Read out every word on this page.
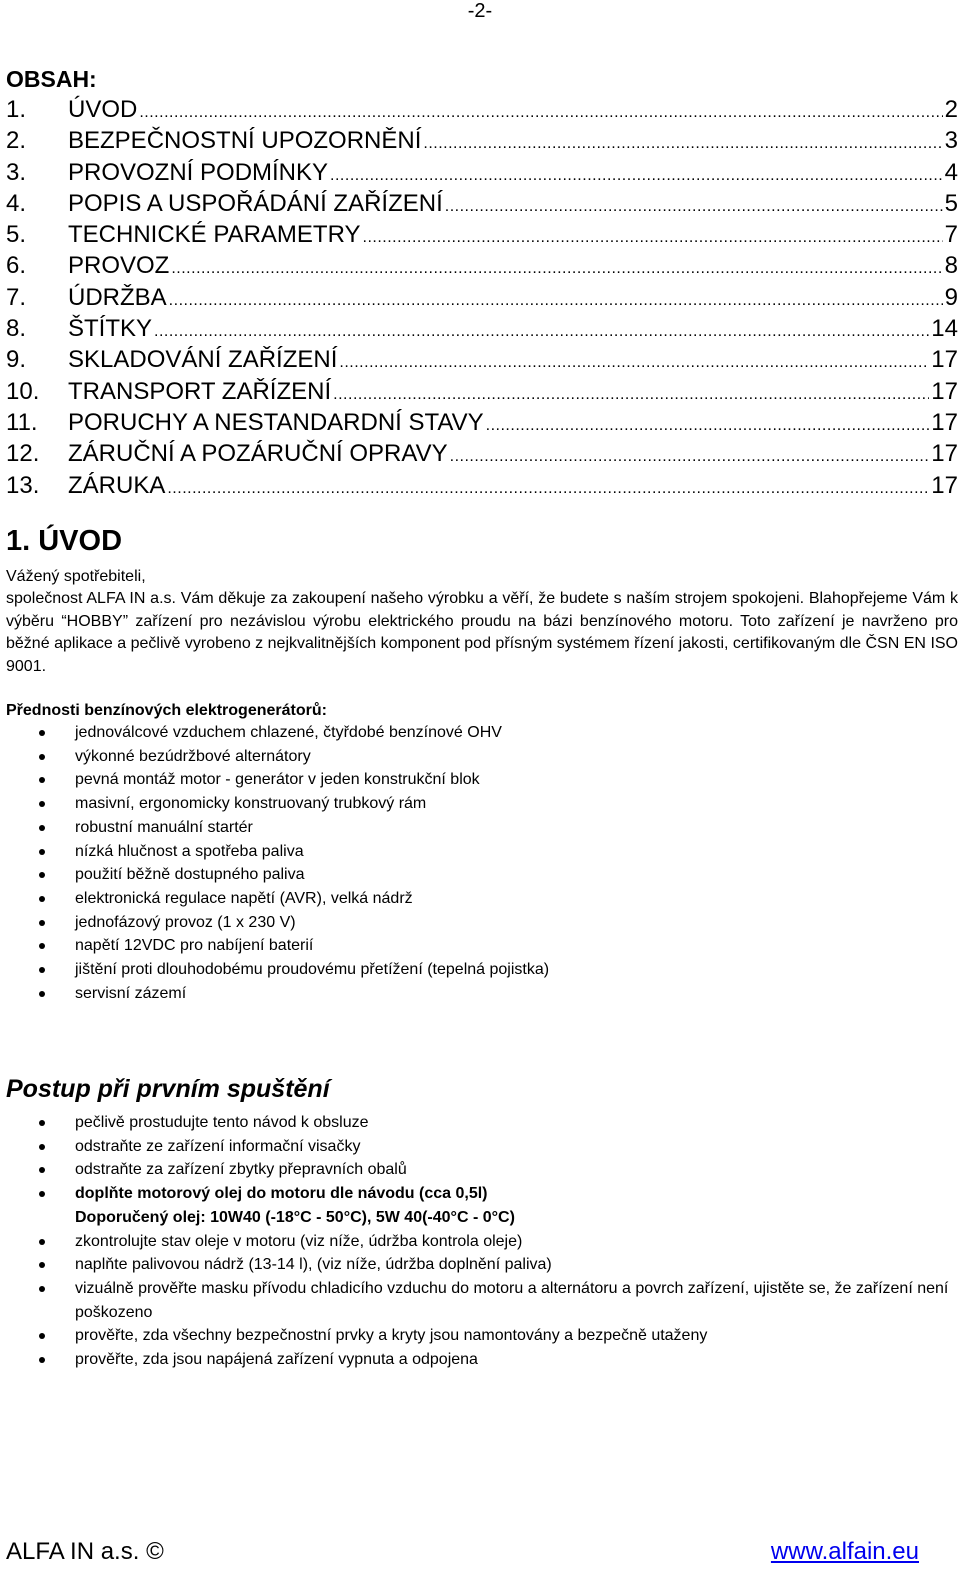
-2-
OBSAH:
1.	ÚVOD .....	2
2.	BEZPEČNOSTNÍ UPOZORNĚNÍ .....	3
3.	PROVOZNÍ PODMÍNKY .....	4
4.	POPIS A USPOŘÁDÁNÍ ZAŘÍZENÍ .....	5
5.	TECHNICKÉ PARAMETRY .....	7
6.	PROVOZ .....	8
7.	ÚDRŽBA .....	9
8.	ŠTÍTKY .....	14
9.	SKLADOVÁNÍ ZAŘÍZENÍ .....	17
10.	TRANSPORT ZAŘÍZENÍ .....	17
11.	PORUCHY A NESTANDARDNÍ STAVY .....	17
12.	ZÁRUČNÍ A POZÁRUČNÍ OPRAVY .....	17
13.	ZÁRUKA .....	17
1. ÚVOD
Vážený spotřebiteli,

společnost ALFA IN a.s. Vám děkuje za zakoupení našeho výrobku a věří, že budete s naším strojem spokojeni. Blahopřejeme Vám k výběru “HOBBY” zařízení pro nezávislou výrobu elektrického proudu na bázi benzínového motoru. Toto zařízení je navrženo pro běžné aplikace a pečlivě vyrobeno z nejkvalitnějších komponent pod přísným systémem řízení jakosti, certifikovaným dle ČSN EN ISO 9001.

Přednosti benzínových elektrogenerátorů:
jednoválcové vzduchem chlazené, čtyřdobé benzínové OHV
výkonné bezúdržbové alternátory
pevná montáž motor - generátor v jeden konstrukční blok
masivní, ergonomicky konstruovaný trubkový rám
robustní manuální startér
nízká hlučnost a spotřeba paliva
použití běžně dostupného paliva
elektronická regulace napětí (AVR), velká nádrž
jednofázový provoz (1 x 230 V)
napětí 12VDC pro nabíjení baterií
jištění proti dlouhodobému proudovému přetížení (tepelná pojistka)
servisní zázemí
Postup při prvním spuštění
pečlivě prostudujte tento návod k obsluze
odstraňte ze zařízení informační visačky
odstraňte za zařízení zbytky přepravních obalů
doplňte motorový olej do motoru dle návodu (cca 0,5l)
Doporučený olej: 10W40 (-18°C - 50°C), 5W 40(-40°C - 0°C)
zkontrolujte stav oleje v motoru (viz níže, údržba kontrola oleje)
naplňte palivovou nádrž (13-14 l), (viz níže, údržba doplnění paliva)
vizuálně prověřte masku přívodu chladicího vzduchu do motoru a alternátoru a povrch zařízení, ujistěte se, že zařízení není poškozeno
prověřte, zda všechny bezpečnostní prvky a kryty jsou namontovány a bezpečně utaženy
prověřte, zda jsou napájená zařízení vypnuta a odpojena
ALFA IN a.s. ©	www.alfain.eu
